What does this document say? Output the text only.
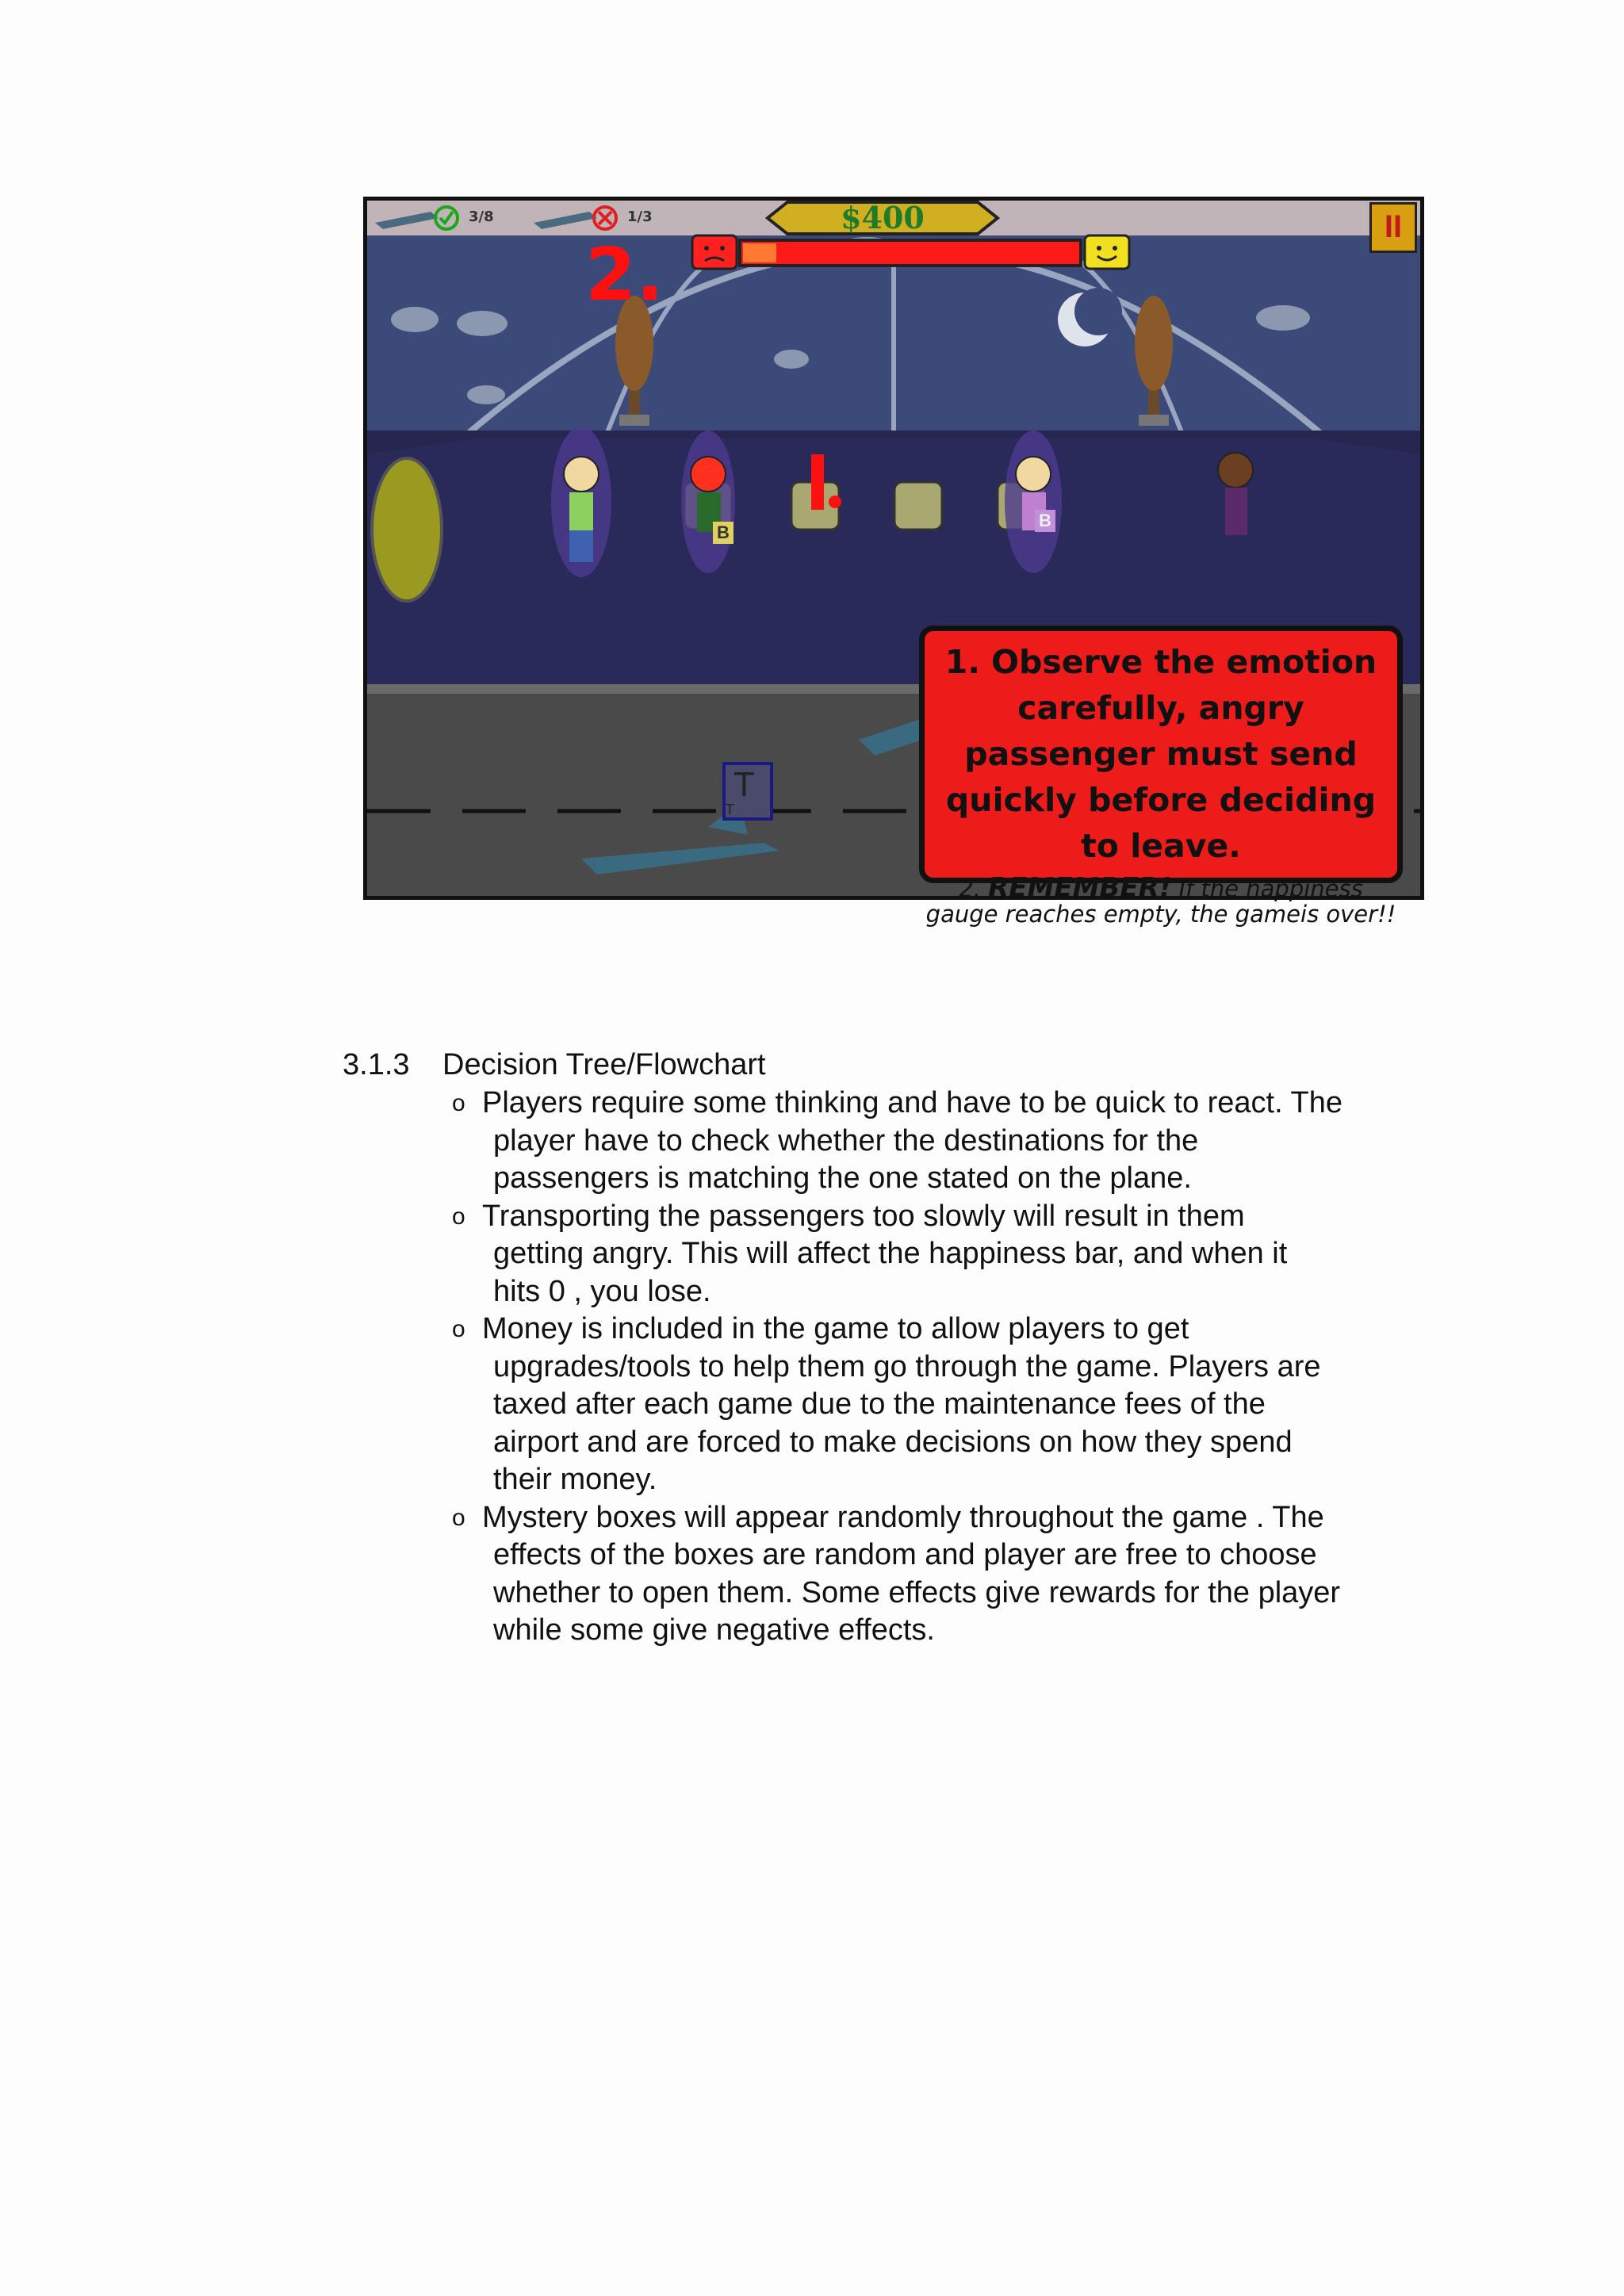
3/8	1/3	$400	II
2.
B
B
T
T
1. Observe the emotion carefully, angry passenger must send quickly before deciding to leave.
2. REMEMBER! If the happiness gauge reaches empty, the gameis over!!
3.1.3 Decision Tree/Flowchart
o Players require some thinking and have to be quick to react. The
player have to check whether the destinations for the
passengers is matching the one stated on the plane.
o Transporting the passengers too slowly will result in them
getting angry. This will affect the happiness bar, and when it
hits 0 , you lose.
o Money is included in the game to allow players to get
upgrades/tools to help them go through the game. Players are
taxed after each game due to the maintenance fees of the
airport and are forced to make decisions on how they spend
their money.
o Mystery boxes will appear randomly throughout the game . The
effects of the boxes are random and player are free to choose
whether to open them. Some effects give rewards for the player
while some give negative effects.
